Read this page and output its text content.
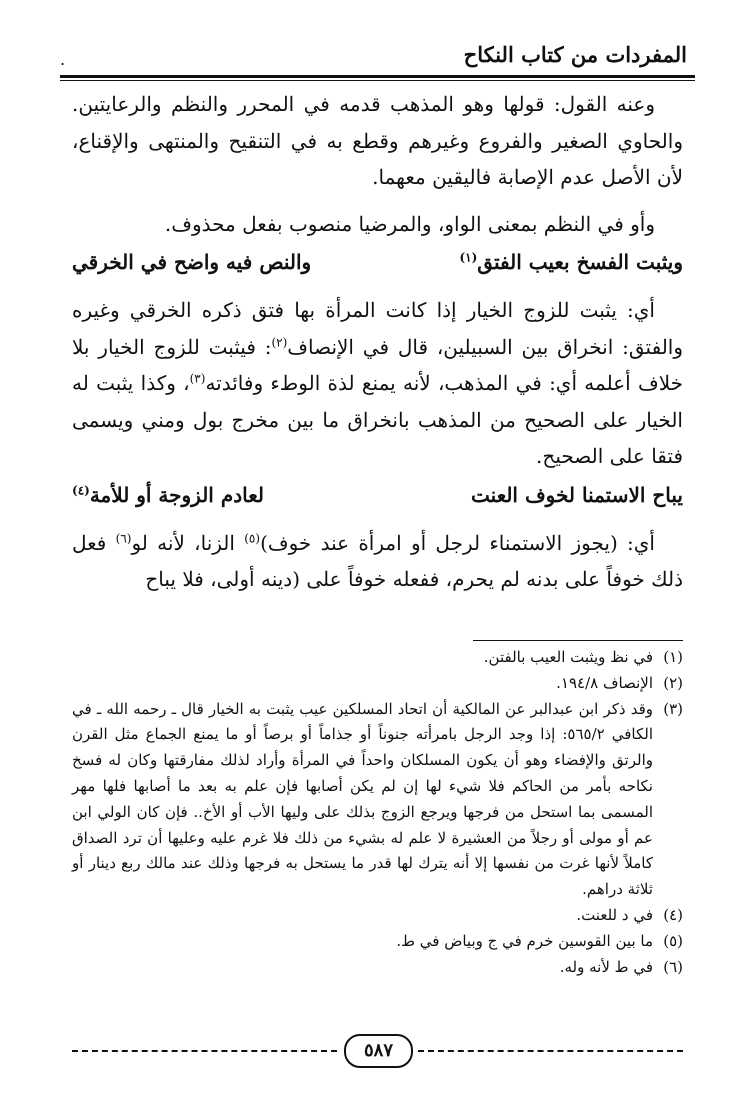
المفردات من كتاب النكاح
.

وعنه القول: قولها وهو المذهب قدمه في المحرر والنظم والرعايتين. والحاوي الصغير والفروع وغيرهم وقطع به في التنقيح والمنتهى والإقناع، لأن الأصل عدم الإصابة فاليقين معهما.

وأو في النظم بمعنى الواو، والمرضيا منصوب بفعل محذوف.

ويثبت الفسخ بعيب الفتق$^{(١)}$
والنص فيه واضح في الخرقي

أي: يثبت للزوج الخيار إذا كانت المرأة بها فتق ذكره الخرقي وغيره والفتق: انخراق بين السبيلين، قال في الإنصاف$^{(٢)}$: فيثبت للزوج الخيار بلا خلاف أعلمه أي: في المذهب، لأنه يمنع لذة الوطء وفائدته$^{(٣)}$، وكذا يثبت له الخيار على الصحيح من المذهب بانخراق ما بين مخرج بول ومني ويسمى فتقا على الصحيح.

يباح الاستمنا لخوف العنت
لعادم الزوجة أو للأمة$^{(٤)}$

أي: (يجوز الاستمناء لرجل أو امرأة عند خوف)$^{(٥)}$ الزنا، لأنه لو$^{(٦)}$ فعل ذلك خوفاً على بدنه لم يحرم، ففعله خوفاً على (دينه أولى، فلا يباح

(١)
في نظ ويثبت العيب بالفتن.
(٢)
الإنصاف ١٩٤/٨.
(٣)
وقد ذكر ابن عبدالبر عن المالكية أن اتحاد المسلكين عيب يثبت به الخيار قال ـ رحمه الله ـ في الكافي ٥٦٥/٢: إذا وجد الرجل بامرأته جنوناً أو جذاماً أو برصاً أو ما يمنع الجماع مثل القرن والرتق والإفضاء وهو أن يكون المسلكان واحداً في المرأة وأراد لذلك مفارقتها وكان له فسخ نكاحه بأمر من الحاكم فلا شيء لها إن لم يكن أصابها فإن علم به بعد ما أصابها فلها مهر المسمى بما استحل من فرجها ويرجع الزوج بذلك على وليها الأب أو الأخ.. فإن كان الولي ابن عم أو مولى أو رجلاً من العشيرة لا علم له بشيء من ذلك فلا غرم عليه وعليها أن ترد الصداق كاملاً لأنها غرت من نفسها إلا أنه يترك لها قدر ما يستحل به فرجها وذلك عند مالك ربع دينار أو ثلاثة دراهم.
(٤)
في د للعنت.
(٥)
ما بين القوسين خرم في ج وبياض في ط.
(٦)
في ط لأنه وله.
٥٨٧
